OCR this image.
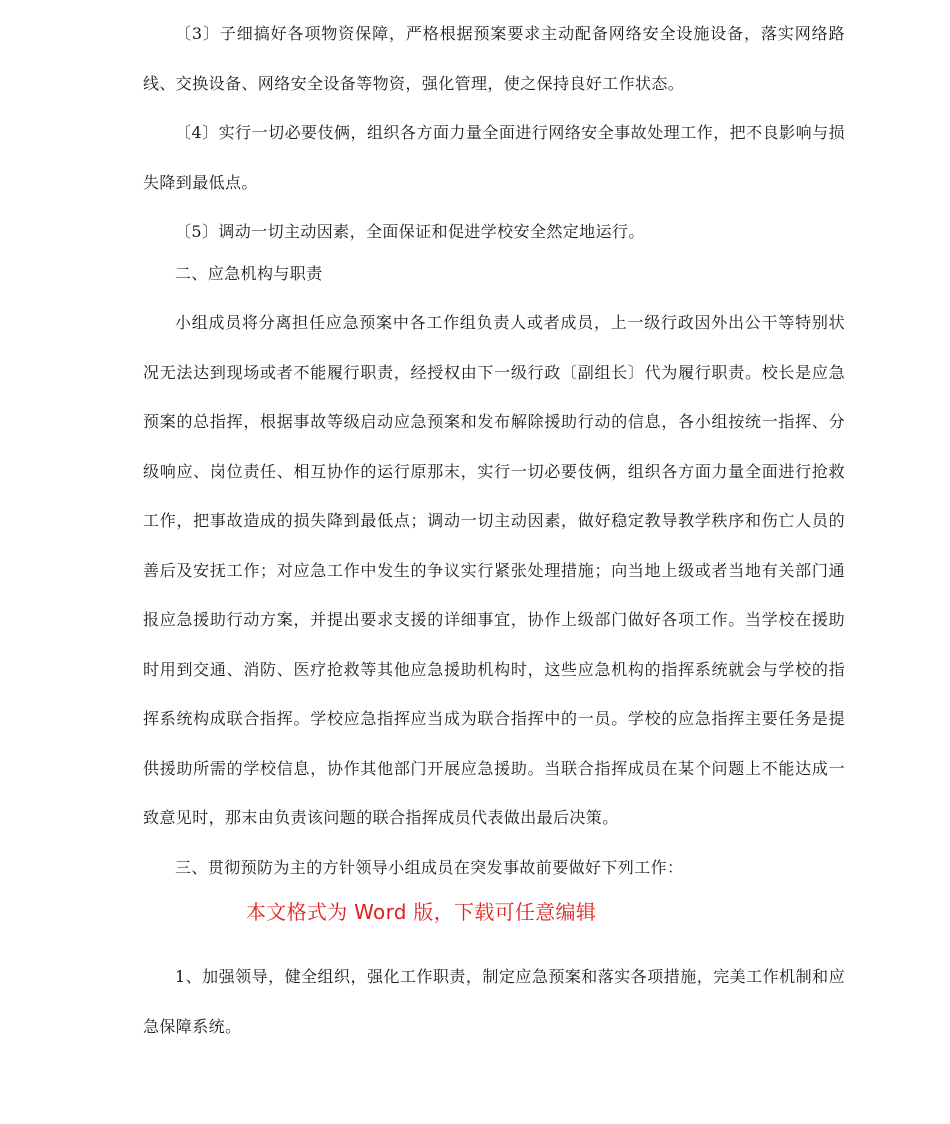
〔3〕子细搞好各项物资保障，严格根据预案要求主动配备网络安全设施设备，落实网络路线、交换设备、网络安全设备等物资，强化管理，使之保持良好工作状态。

〔4〕实行一切必要伎俩，组织各方面力量全面进行网络安全事故处理工作，把不良影响与损失降到最低点。

〔5〕调动一切主动因素，全面保证和促进学校安全然定地运行。

二、应急机构与职责

小组成员将分离担任应急预案中各工作组负责人或者成员，上一级行政因外出公干等特别状况无法达到现场或者不能履行职责，经授权由下一级行政〔副组长〕代为履行职责。校长是应急预案的总指挥，根据事故等级启动应急预案和发布解除援助行动的信息，各小组按统一指挥、分级响应、岗位责任、相互协作的运行原那末，实行一切必要伎俩，组织各方面力量全面进行抢救工作，把事故造成的损失降到最低点；调动一切主动因素，做好稳定教导教学秩序和伤亡人员的善后及安抚工作；对应急工作中发生的争议实行紧张处理措施；向当地上级或者当地有关部门通报应急援助行动方案，并提出要求支援的详细事宜，协作上级部门做好各项工作。当学校在援助时用到交通、消防、医疗抢救等其他应急援助机构时，这些应急机构的指挥系统就会与学校的指挥系统构成联合指挥。学校应急指挥应当成为联合指挥中的一员。学校的应急指挥主要任务是提供援助所需的学校信息，协作其他部门开展应急援助。当联合指挥成员在某个问题上不能达成一致意见时，那末由负责该问题的联合指挥成员代表做出最后决策。

三、贯彻预防为主的方针领导小组成员在突发事故前要做好下列工作：

本文格式为 Word 版，下载可任意编辑

1、加强领导，健全组织，强化工作职责，制定应急预案和落实各项措施，完美工作机制和应急保障系统。
